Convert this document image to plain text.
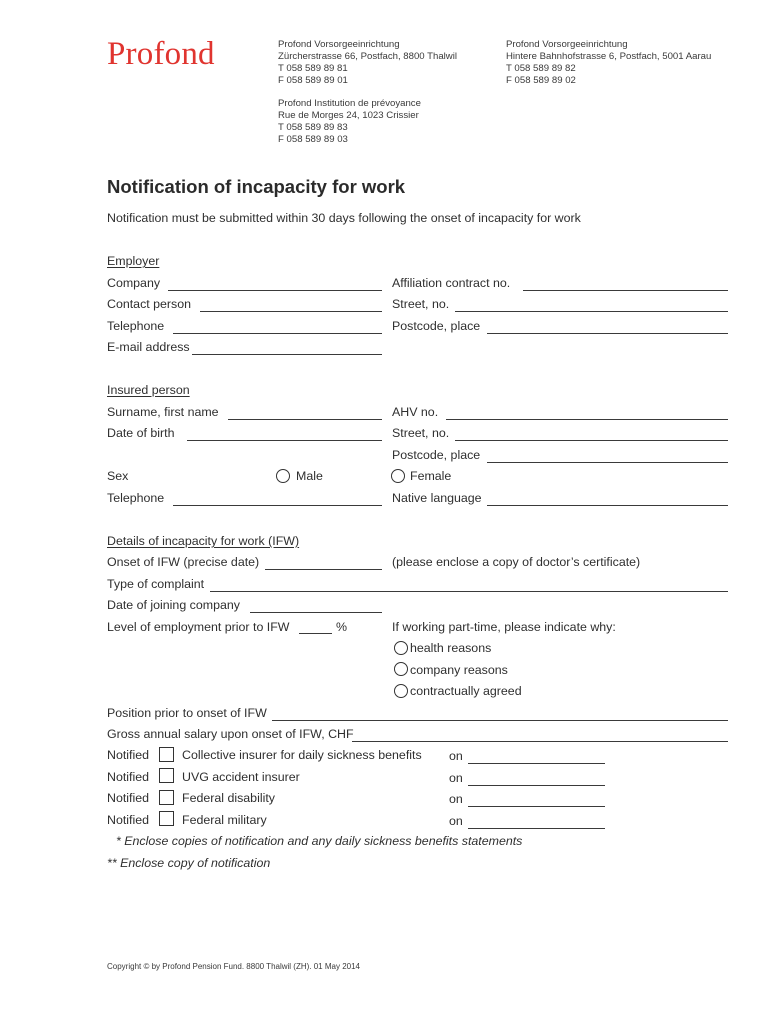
Profond	Profond Vorsorgeeinrichtung
Zürcherstrasse 66, Postfach, 8800 Thalwil
T 058 589 89 81
F 058 589 89 01
Profond Vorsorgeeinrichtung
Hintere Bahnhofstrasse 6, Postfach, 5001 Aarau
T 058 589 89 82
F 058 589 89 02
Profond Institution de prévoyance
Rue de Morges 24, 1023 Crissier
T 058 589 89 83
F 058 589 89 03
Notification of incapacity for work
Notification must be submitted within 30 days following the onset of incapacity for work
Employer
Company	Affiliation contract no.
Contact person	Street, no.
Telephone	Postcode, place
E-mail address
Insured person
Surname, first name	AHV no.
Date of birth	Street, no.
Postcode, place
Sex	Male	Female
Telephone	Native language
Details of incapacity for work (IFW)
Onset of IFW (precise date)	(please enclose a copy of doctor’s certificate)
Type of complaint
Date of joining company
Level of employment prior to IFW	%	If working part-time, please indicate why:
health reasons
company reasons
contractually agreed
Position prior to onset of IFW
Gross annual salary upon onset of IFW, CHF
Notified	Collective insurer for daily sickness benefits on
Notified	UVG accident insurer	on
Notified	Federal disability	on
Notified	Federal military	on
* Enclose copies of notification and any daily sickness benefits statements
** Enclose copy of notification
Copyright © by Profond Pension Fund. 8800 Thalwil (ZH). 01 May 2014
